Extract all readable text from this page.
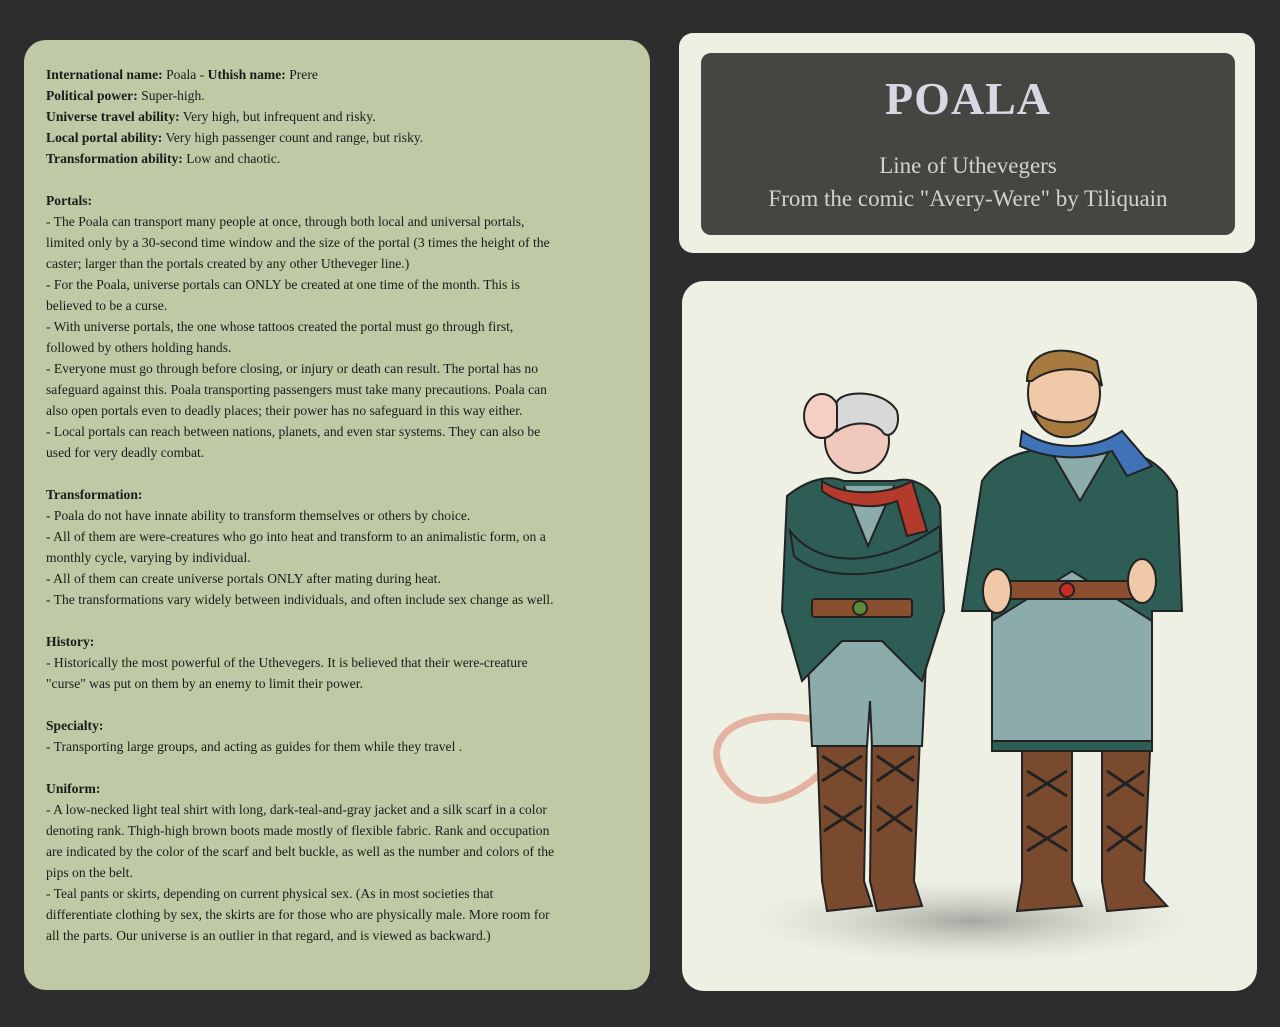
International name: Poala - Uthish name: Prere
Political power: Super-high.
Universe travel ability: Very high, but infrequent and risky.
Local portal ability: Very high passenger count and range, but risky.
Transformation ability: Low and chaotic.
Portals:
- The Poala can transport many people at once, through both local and universal portals,
limited only by a 30-second time window and the size of the portal (3 times the height of the
caster; larger than the portals created by any other Utheveger line.)
- For the Poala, universe portals can ONLY be created at one time of the month. This is
believed to be a curse.
- With universe portals, the one whose tattoos created the portal must go through first,
followed by others holding hands.
- Everyone must go through before closing, or injury or death can result. The portal has no
safeguard against this. Poala transporting passengers must take many precautions. Poala can
also open portals even to deadly places; their power has no safeguard in this way either.
- Local portals can reach between nations, planets, and even star systems. They can also be
used for very deadly combat.
Transformation:
- Poala do not have innate ability to transform themselves or others by choice.
- All of them are were-creatures who go into heat and transform to an animalistic form, on a
monthly cycle, varying by individual.
- All of them can create universe portals ONLY after mating during heat.
- The transformations vary widely between individuals, and often include sex change as well.
History:
- Historically the most powerful of the Uthevegers. It is believed that their were-creature
"curse" was put on them by an enemy to limit their power.
Specialty:
- Transporting large groups, and acting as guides for them while they travel .
Uniform:
- A low-necked light teal shirt with long, dark-teal-and-gray jacket and a silk scarf in a color
denoting rank. Thigh-high brown boots made mostly of flexible fabric. Rank and occupation
are indicated by the color of the scarf and belt buckle, as well as the number and colors of the
pips on the belt.
- Teal pants or skirts, depending on current physical sex. (As in most societies that
differentiate clothing by sex, the skirts are for those who are physically male. More room for
all the parts. Our universe is an outlier in that regard, and is viewed as backward.)
POALA
Line of Uthevegers
From the comic "Avery-Were" by Tiliquain
